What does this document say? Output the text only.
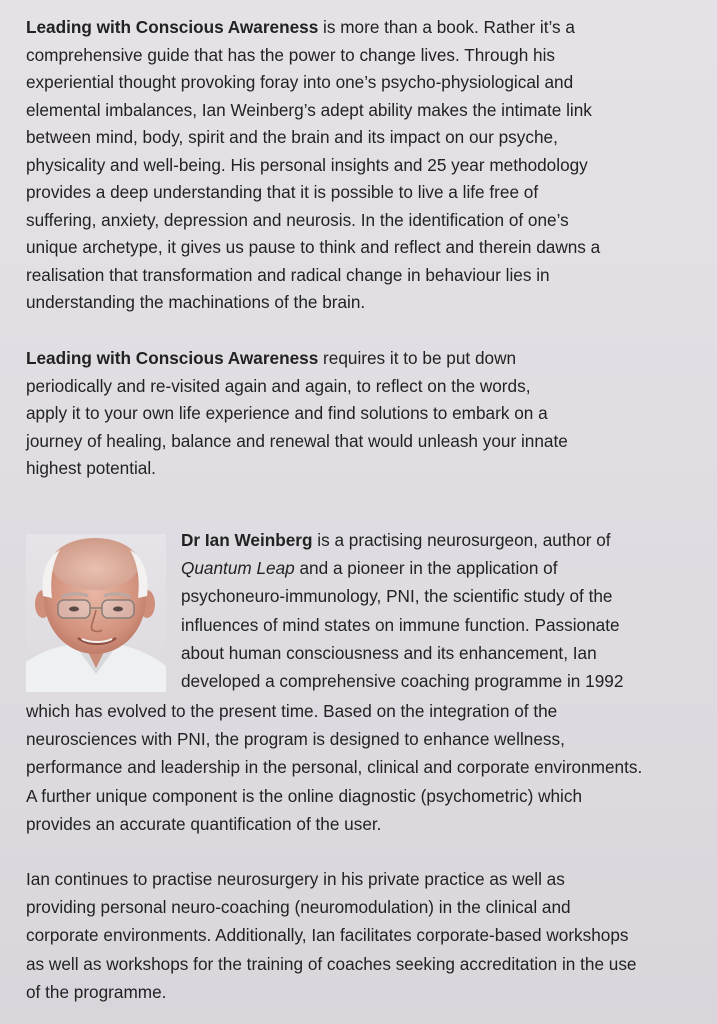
Leading with Conscious Awareness is more than a book. Rather it’s a
comprehensive guide that has the power to change lives. Through his
experiential thought provoking foray into one’s psycho-physiological and
elemental imbalances, Ian Weinberg’s adept ability makes the intimate link
between mind, body, spirit and the brain and its impact on our psyche,
physicality and well-being. His personal insights and 25 year methodology
provides a deep understanding that it is possible to live a life free of
suffering, anxiety, depression and neurosis. In the identification of one’s
unique archetype, it gives us pause to think and reflect and therein dawns a
realisation that transformation and radical change in behaviour lies in
understanding the machinations of the brain.

Leading with Conscious Awareness requires it to be put down
periodically and re-visited again and again, to reflect on the words,
apply it to your own life experience and find solutions to embark on a
journey of healing, balance and renewal that would unleash your innate
highest potential.

Dr Ian Weinberg is a practising neurosurgeon, author of
Quantum Leap and a pioneer in the application of
psychoneuro-immunology, PNI, the scientific study of the
influences of mind states on immune function. Passionate
about human consciousness and its enhancement, Ian
developed a comprehensive coaching programme in 1992
which has evolved to the present time. Based on the integration of the
neurosciences with PNI, the program is designed to enhance wellness,
performance and leadership in the personal, clinical and corporate environments.
A further unique component is the online diagnostic (psychometric) which
provides an accurate quantification of the user.

Ian continues to practise neurosurgery in his private practice as well as
providing personal neuro-coaching (neuromodulation) in the clinical and
corporate environments. Additionally, Ian facilitates corporate-based workshops
as well as workshops for the training of coaches seeking accreditation in the use
of the programme.
